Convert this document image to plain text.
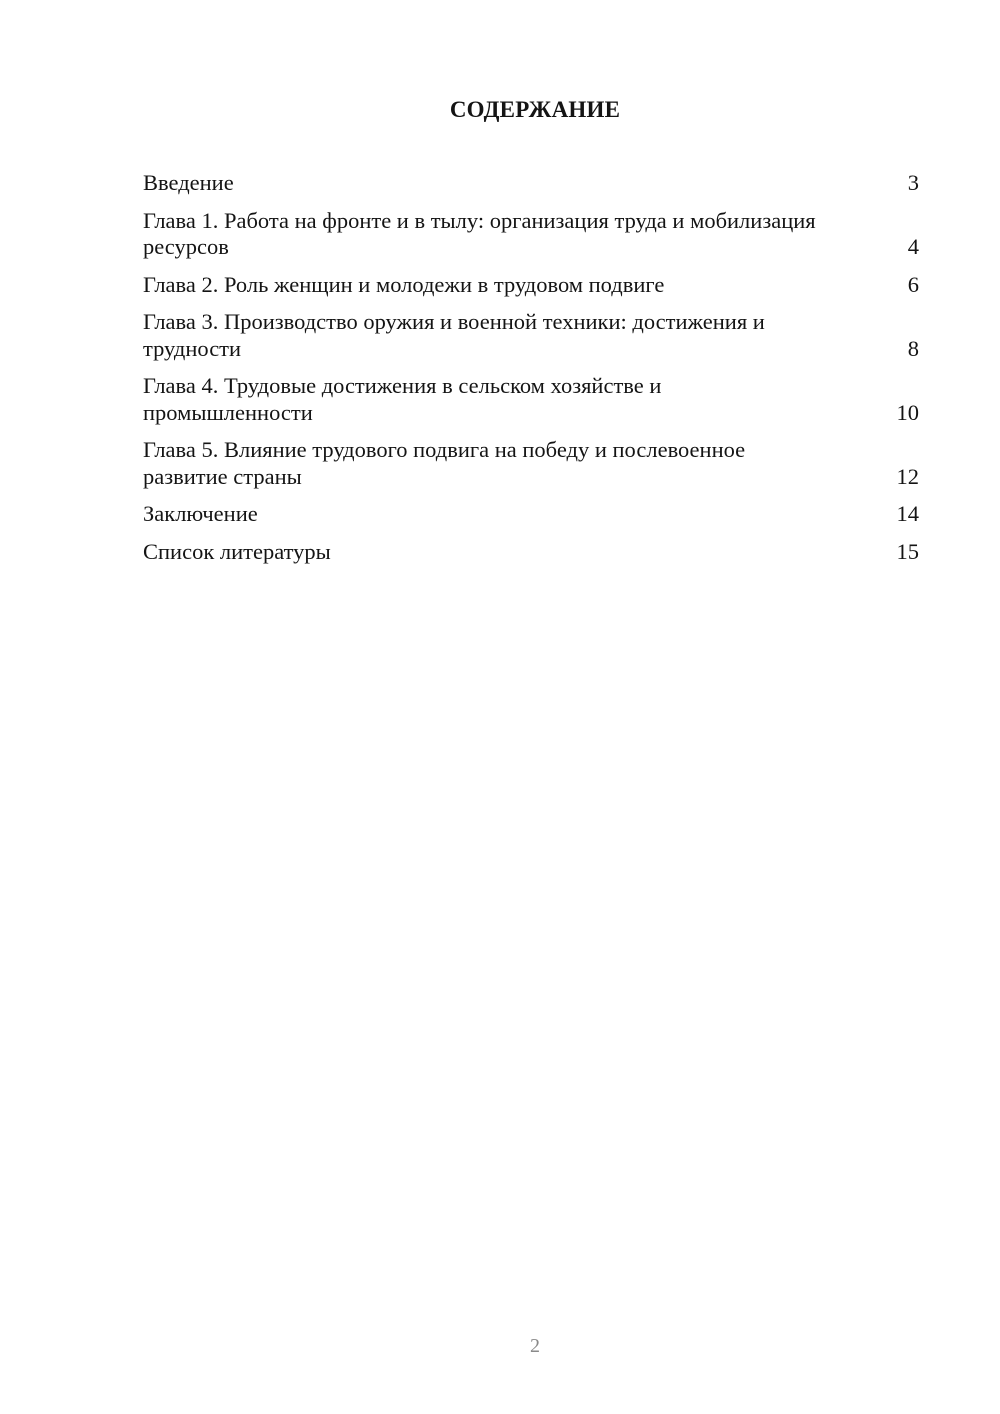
СОДЕРЖАНИЕ
Введение	3
Глава 1. Работа на фронте и в тылу: организация труда и мобилизация ресурсов	4
Глава 2. Роль женщин и молодежи в трудовом подвиге	6
Глава 3. Производство оружия и военной техники: достижения и трудности	8
Глава 4. Трудовые достижения в сельском хозяйстве и промышленности	10
Глава 5. Влияние трудового подвига на победу и послевоенное развитие страны	12
Заключение	14
Список литературы	15
2
